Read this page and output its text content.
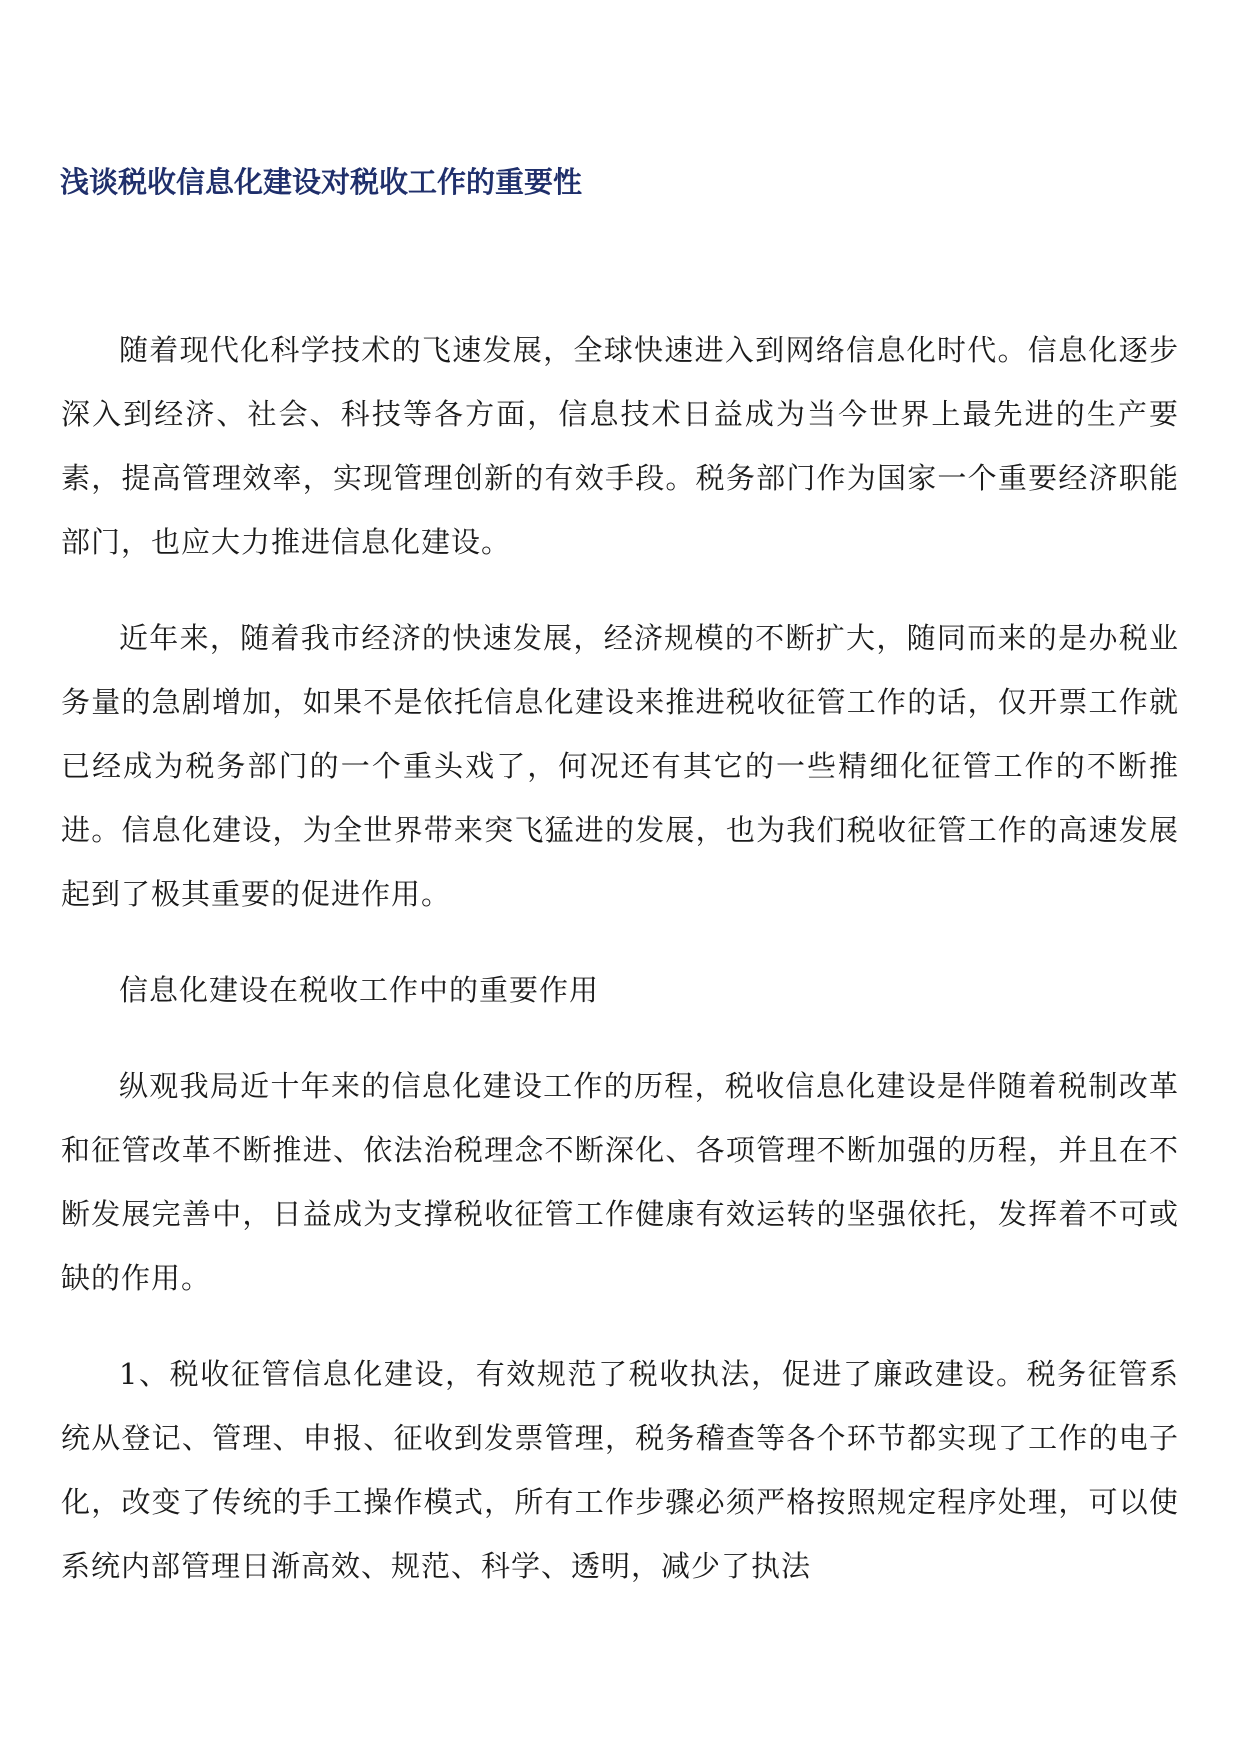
浅谈税收信息化建设对税收工作的重要性

随着现代化科学技术的飞速发展，全球快速进入到网络信息化时代。信息化逐步深入到经济、社会、科技等各方面，信息技术日益成为当今世界上最先进的生产要素，提高管理效率，实现管理创新的有效手段。税务部门作为国家一个重要经济职能部门，也应大力推进信息化建设。

近年来，随着我市经济的快速发展，经济规模的不断扩大，随同而来的是办税业务量的急剧增加，如果不是依托信息化建设来推进税收征管工作的话，仅开票工作就已经成为税务部门的一个重头戏了，何况还有其它的一些精细化征管工作的不断推进。信息化建设，为全世界带来突飞猛进的发展，也为我们税收征管工作的高速发展起到了极其重要的促进作用。

信息化建设在税收工作中的重要作用

纵观我局近十年来的信息化建设工作的历程，税收信息化建设是伴随着税制改革和征管改革不断推进、依法治税理念不断深化、各项管理不断加强的历程，并且在不断发展完善中，日益成为支撑税收征管工作健康有效运转的坚强依托，发挥着不可或缺的作用。

1、税收征管信息化建设，有效规范了税收执法，促进了廉政建设。税务征管系统从登记、管理、申报、征收到发票管理，税务稽查等各个环节都实现了工作的电子化，改变了传统的手工操作模式，所有工作步骤必须严格按照规定程序处理，可以使系统内部管理日渐高效、规范、科学、透明，减少了执法
